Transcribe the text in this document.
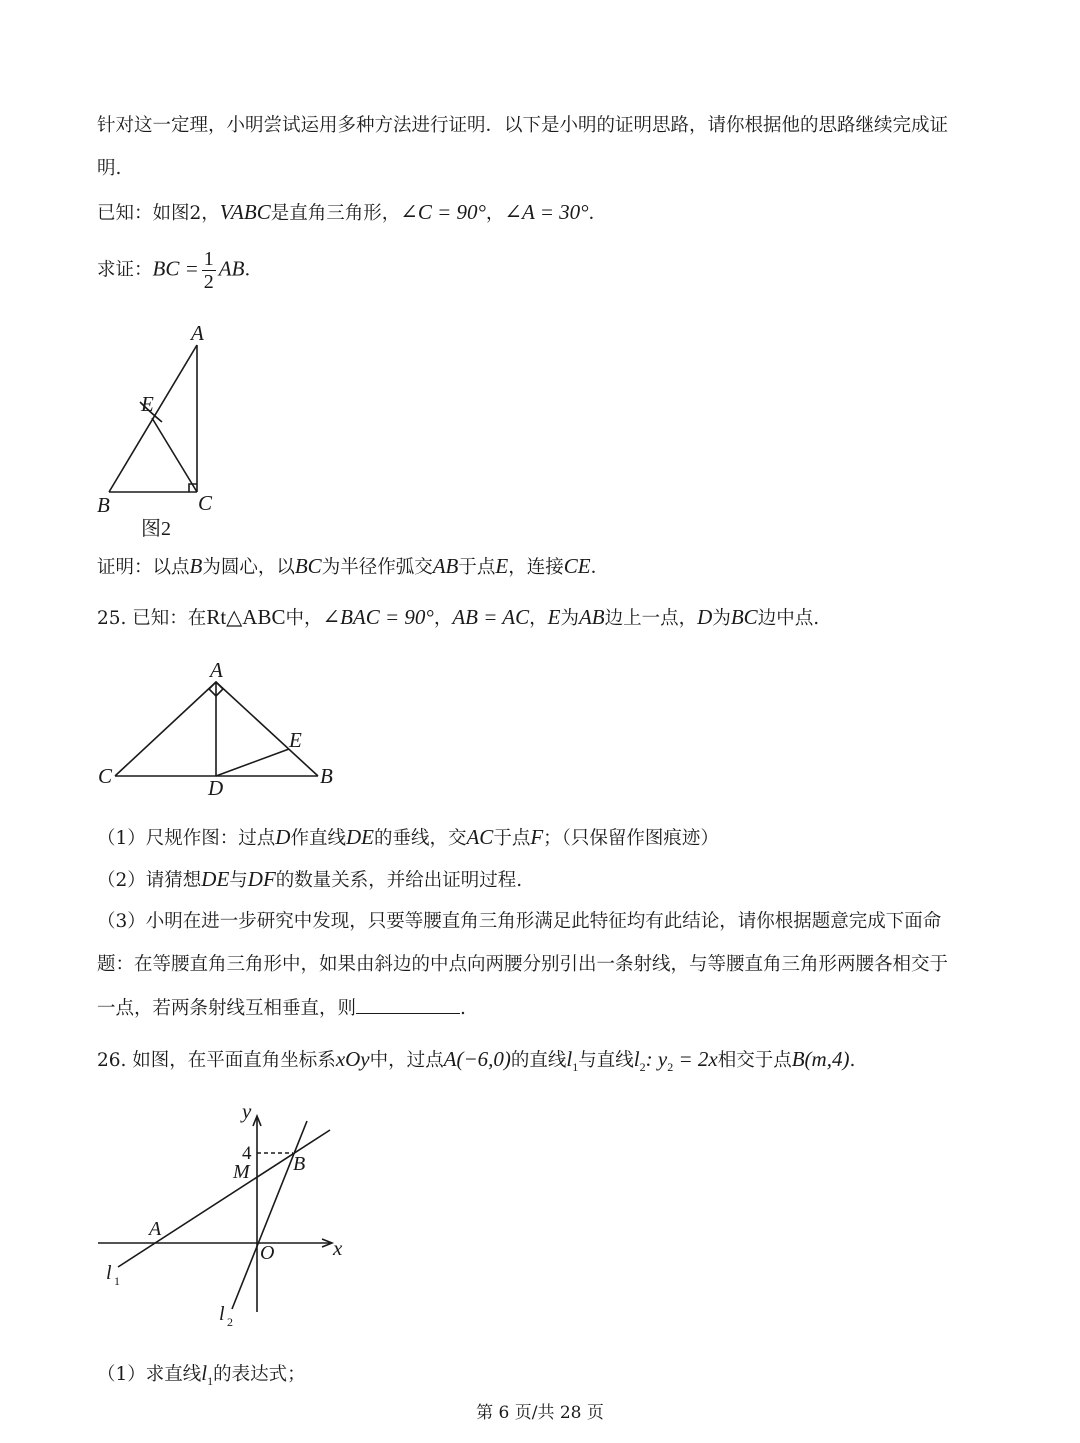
针对这一定理，小明尝试运用多种方法进行证明．以下是小明的证明思路，请你根据他的思路继续完成证

明.

已知：如图2，VABC是直角三角形，∠C = 90°，∠A = 30°．

求证：BC = $\frac{1}{2}$ AB．

A
E
B	C
图2

证明：以点B为圆心，以BC为半径作弧交AB于点E，连接CE．

25. 已知：在Rt△ABC中，∠BAC = 90°，AB = AC，E为AB边上一点，D为BC边中点.

A
E
C	D	B

（1）尺规作图：过点D作直线DE的垂线，交AC于点F；（只保留作图痕迹）

（2）请猜想DE与DF的数量关系，并给出证明过程.

（3）小明在进一步研究中发现，只要等腰直角三角形满足此特征均有此结论，请你根据题意完成下面命

题：在等腰直角三角形中，如果由斜边的中点向两腰分别引出一条射线，与等腰直角三角形两腰各相交于

一点，若两条射线互相垂直，则	.

26. 如图，在平面直角坐标系xOy中，过点A(−6,0)的直线$l_1$与直线$l_2$: $y_2 = 2x$相交于点B(m,4).

y
4
M B
A
O	x
l 1
l 2

（1）求直线$l_1$的表达式；

第 6 页/共 28 页
